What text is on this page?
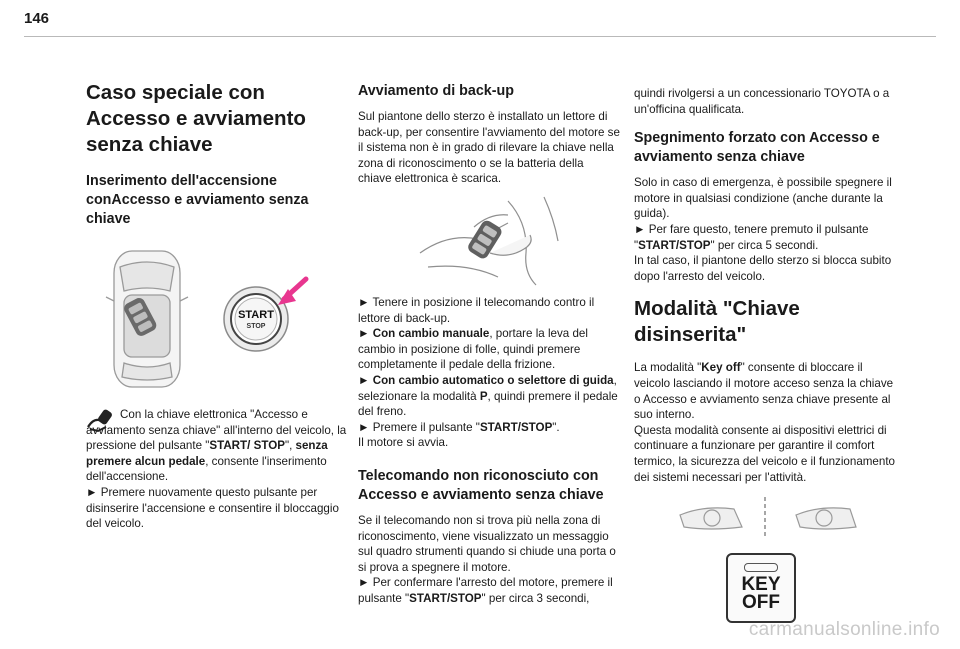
146
Caso speciale con Accesso e avviamento senza chiave
Inserimento dell'accensione conAccesso e avviamento senza chiave
START
STOP

Con la chiave elettronica "Accesso e avviamento senza chiave" all'interno del veicolo, la pressione del pulsante "START/ STOP", senza premere alcun pedale, consente l'inserimento dell'accensione.

► Premere nuovamente questo pulsante per disinserire l'accensione e consentire il bloccaggio del veicolo.

Avviamento di back-up

Sul piantone dello sterzo è installato un lettore di back-up, per consentire l'avviamento del motore se il sistema non è in grado di rilevare la chiave nella zona di riconoscimento o se la batteria della chiave elettronica è scarica.

► Tenere in posizione il telecomando contro il lettore di back-up.

► Con cambio manuale, portare la leva del cambio in posizione di folle, quindi premere completamente il pedale della frizione.

► Con cambio automatico o selettore di guida, selezionare la modalità P, quindi premere il pedale del freno.

► Premere il pulsante "START/STOP".

Il motore si avvia.

Telecomando non riconosciuto con Accesso e avviamento senza chiave

Se il telecomando non si trova più nella zona di riconoscimento, viene visualizzato un messaggio sul quadro strumenti quando si chiude una porta o si prova a spegnere il motore.

► Per confermare l'arresto del motore, premere il pulsante "START/STOP" per circa 3 secondi,

quindi rivolgersi a un concessionario TOYOTA o a un'officina qualificata.

Spegnimento forzato con Accesso e avviamento senza chiave

Solo in caso di emergenza, è possibile spegnere il motore in qualsiasi condizione (anche durante la guida).

► Per fare questo, tenere premuto il pulsante "START/STOP" per circa 5 secondi.

In tal caso, il piantone dello sterzo si blocca subito dopo l'arresto del veicolo.

Modalità "Chiave disinserita"

La modalità "Key off" consente di bloccare il veicolo lasciando il motore acceso senza la chiave o Accesso e avviamento senza chiave presente al suo interno.

Questa modalità consente ai dispositivi elettrici di continuare a funzionare per garantire il comfort termico, la sicurezza del veicolo e il funzionamento dei sistemi necessari per l'attività.

KEY
OFF
carmanualsonline.info
